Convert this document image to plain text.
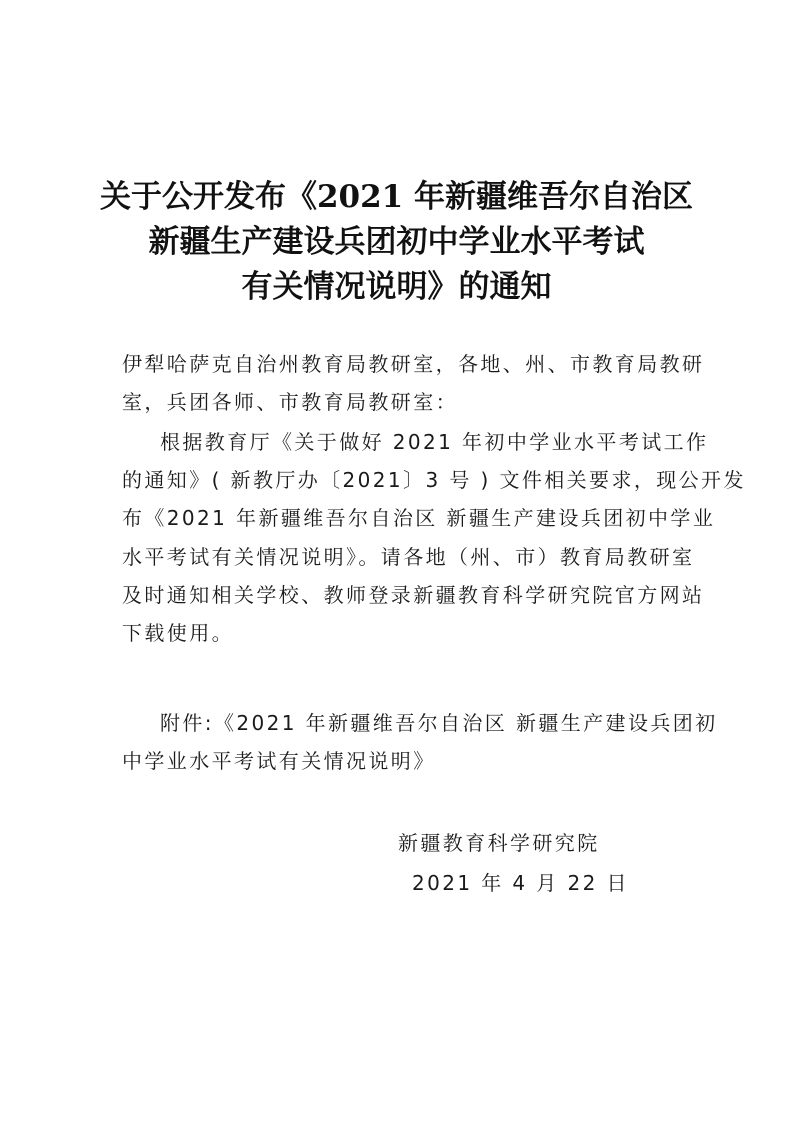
关于公开发布《2021 年新疆维吾尔自治区
新疆生产建设兵团初中学业水平考试
有关情况说明》的通知
伊犁哈萨克自治州教育局教研室，各地、州、市教育局教研
室，兵团各师、市教育局教研室：
根据教育厅《关于做好 2021 年初中学业水平考试工作
的通知》( 新教厅办〔2021〕3 号 ) 文件相关要求，现公开发
布《2021 年新疆维吾尔自治区 新疆生产建设兵团初中学业
水平考试有关情况说明》。请各地（州、市）教育局教研室
及时通知相关学校、教师登录新疆教育科学研究院官方网站
下载使用。
附件:《2021 年新疆维吾尔自治区 新疆生产建设兵团初
中学业水平考试有关情况说明》
新疆教育科学研究院
2021 年 4 月 22 日
